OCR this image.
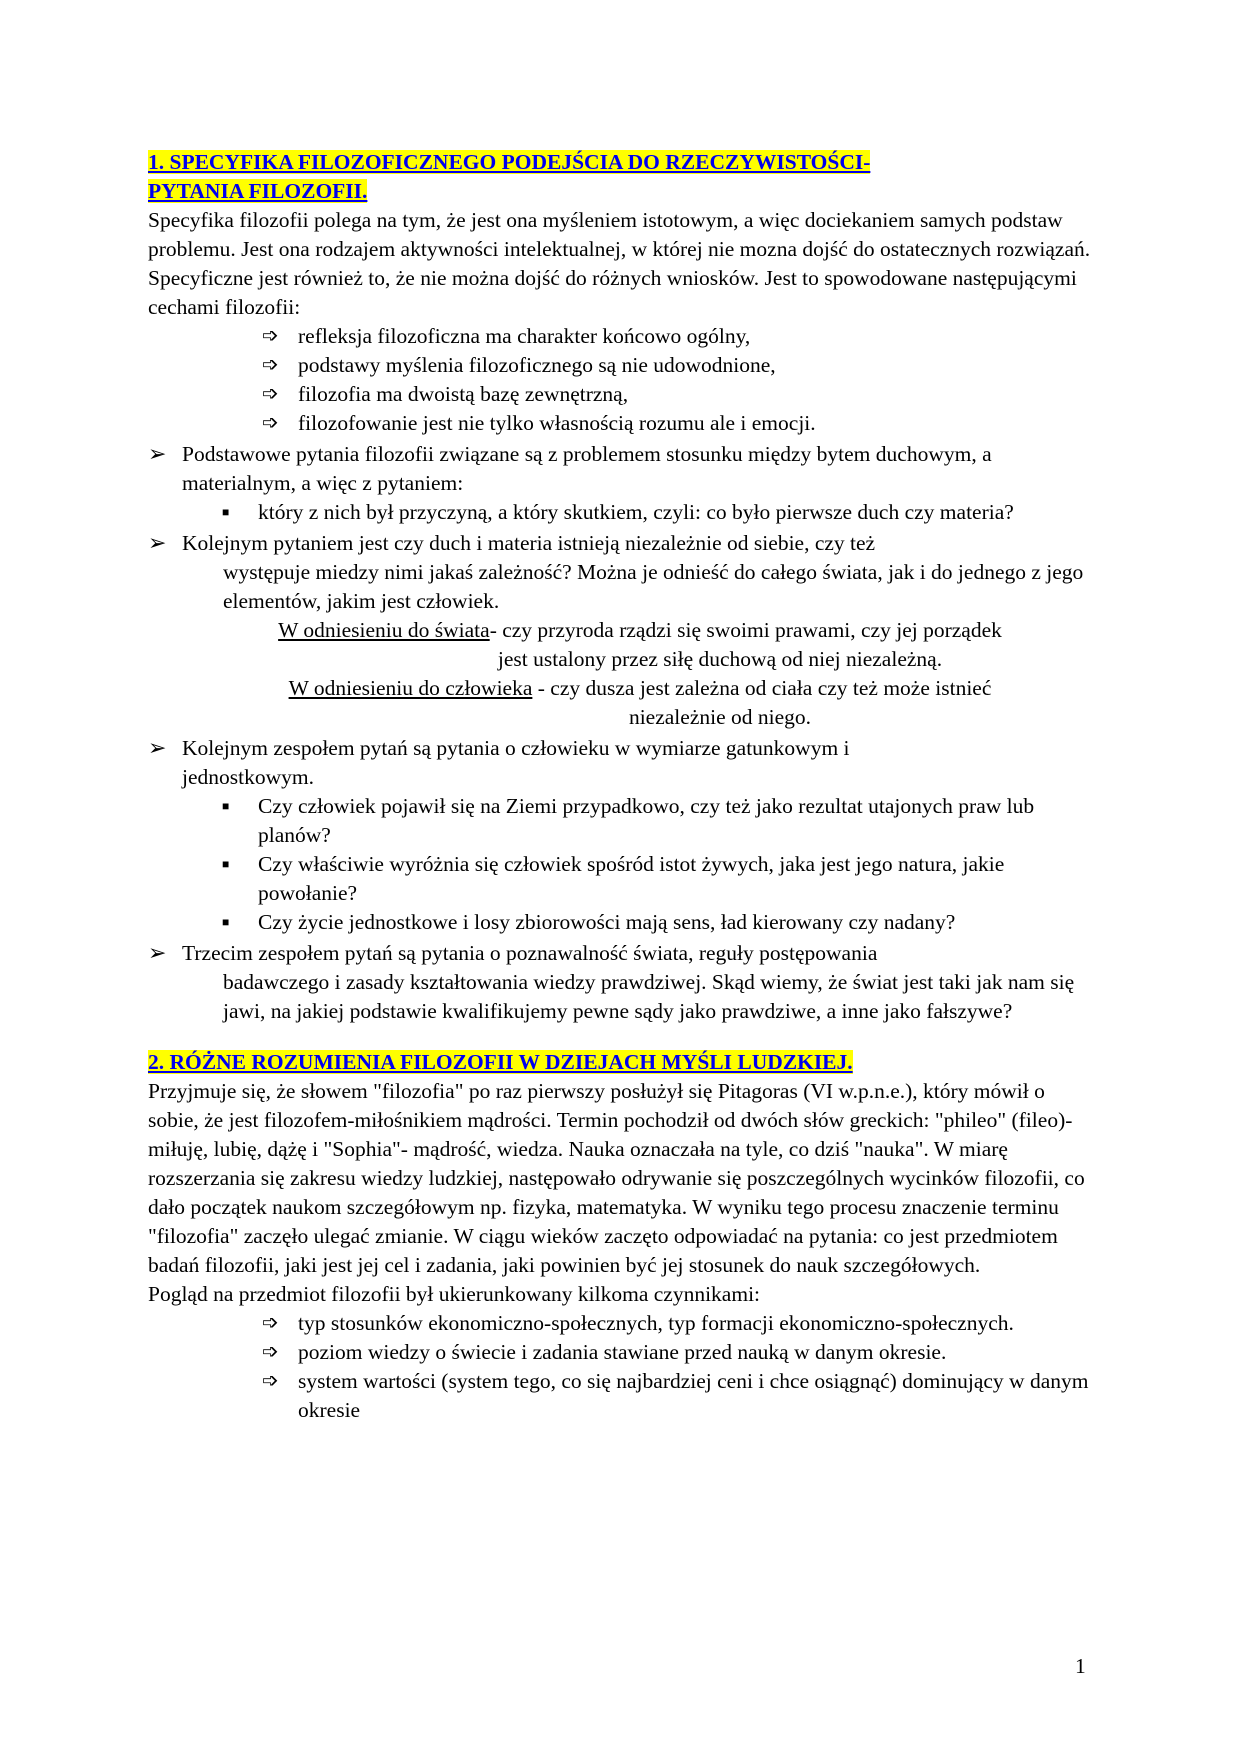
1. SPECYFIKA FILOZOFICZNEGO PODEJŚCIA DO RZECZYWISTOŚCI-
PYTANIA FILOZOFII.

Specyfika filozofii polega na tym, że jest ona myśleniem istotowym, a więc dociekaniem samych podstaw problemu. Jest ona rodzajem aktywności intelektualnej, w której nie mozna dojść do ostatecznych rozwiązań. Specyficzne jest również to, że nie można dojść do różnych wniosków. Jest to spowodowane następującymi cechami filozofii:

➩ refleksja filozoficzna ma charakter końcowo ogólny,
➩ podstawy myślenia filozoficznego są nie udowodnione,
➩ filozofia ma dwoistą bazę zewnętrzną,
➩ filozofowanie jest nie tylko własnością rozumu ale i emocji.
➢ Podstawowe pytania filozofii związane są z problemem stosunku między bytem duchowym, a materialnym, a więc z pytaniem:
■ który z nich był przyczyną, a który skutkiem, czyli: co było pierwsze duch czy materia?
➢ Kolejnym pytaniem jest czy duch i materia istnieją niezależnie od siebie, czy też
występuje miedzy nimi jakaś zależność? Można je odnieść do całego świata, jak i do jednego z jego elementów, jakim jest człowiek.
W odniesieniu do świata- czy przyroda rządzi się swoimi prawami, czy jej porządek
jest ustalony przez siłę duchową od niej niezależną.
W odniesieniu do człowieka - czy dusza jest zależna od ciała czy też może istnieć
niezależnie od niego.
➢ Kolejnym zespołem pytań są pytania o człowieku w wymiarze gatunkowym i
jednostkowym.
■ Czy człowiek pojawił się na Ziemi przypadkowo, czy też jako rezultat utajonych praw lub planów?
■ Czy właściwie wyróżnia się człowiek spośród istot żywych, jaka jest jego natura, jakie powołanie?
■ Czy życie jednostkowe i losy zbiorowości mają sens, ład kierowany czy nadany?
➢ Trzecim zespołem pytań są pytania o poznawalność świata, reguły postępowania
badawczego i zasady kształtowania wiedzy prawdziwej. Skąd wiemy, że świat jest taki jak nam się jawi, na jakiej podstawie kwalifikujemy pewne sądy jako prawdziwe, a inne jako fałszywe?
2. RÓŻNE ROZUMIENIA FILOZOFII W DZIEJACH MYŚLI LUDZKIEJ.

Przyjmuje się, że słowem "filozofia" po raz pierwszy posłużył się Pitagoras (VI w.p.n.e.), który mówił o sobie, że jest filozofem-miłośnikiem mądrości. Termin pochodził od dwóch słów greckich: "phileo" (fileo)- miłuję, lubię, dążę i "Sophia"- mądrość, wiedza. Nauka oznaczała na tyle, co dziś "nauka". W miarę rozszerzania się zakresu wiedzy ludzkiej, następowało odrywanie się poszczególnych wycinków filozofii, co dało początek naukom szczegółowym np. fizyka, matematyka. W wyniku tego procesu znaczenie terminu "filozofia" zaczęło ulegać zmianie. W ciągu wieków zaczęto odpowiadać na pytania: co jest przedmiotem badań filozofii, jaki jest jej cel i zadania, jaki powinien być jej stosunek do nauk szczegółowych.

Pogląd na przedmiot filozofii był ukierunkowany kilkoma czynnikami:

➩ typ stosunków ekonomiczno-społecznych, typ formacji ekonomiczno-społecznych.
➩ poziom wiedzy o świecie i zadania stawiane przed nauką w danym okresie.
➩ system wartości (system tego, co się najbardziej ceni i chce osiągnąć) dominujący w danym okresie
1
